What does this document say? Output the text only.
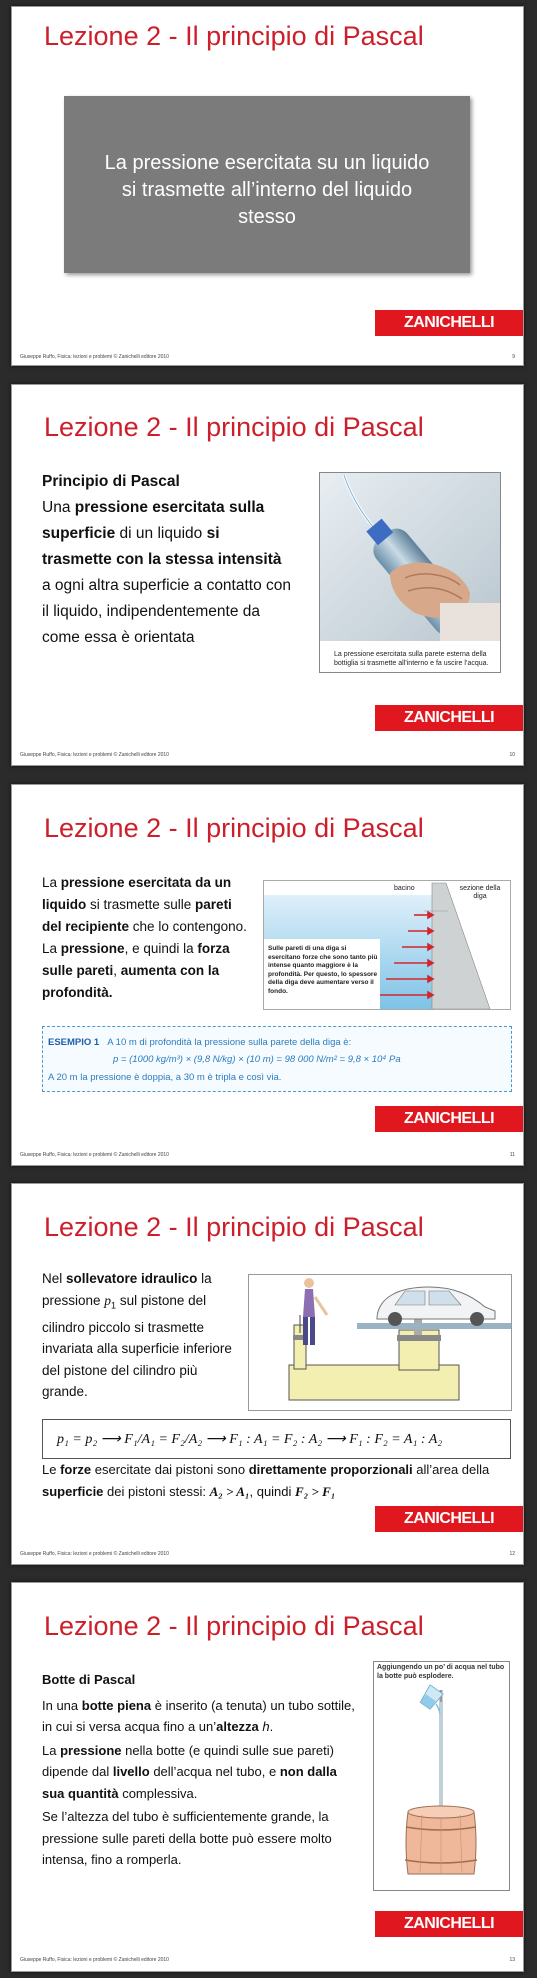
Lezione 2 - Il principio di Pascal
La pressione esercitata su un liquido si trasmette all’interno del liquido stesso
ZANICHELLI
Giuseppe Ruffo, Fisica: lezioni e problemi © Zanichelli editore 2010	9
Lezione 2 - Il principio di Pascal
Principio di Pascal
Una pressione esercitata sulla superficie di un liquido si trasmette con la stessa intensità a ogni altra superficie a contatto con il liquido, indipendentemente da come essa è orientata
La pressione esercitata sulla parete esterna della bottiglia si trasmette all’interno e fa uscire l’acqua.
ZANICHELLI
Giuseppe Ruffo, Fisica: lezioni e problemi © Zanichelli editore 2010	10
Lezione 2 - Il principio di Pascal
La pressione esercitata da un liquido si trasmette sulle pareti del recipiente che lo contengono. La pressione, e quindi la forza sulle pareti, aumenta con la profondità.
bacino	sezione della diga
Sulle pareti di una diga si esercitano forze che sono tanto più intense quanto maggiore è la profondità. Per questo, lo spessore della diga deve aumentare verso il fondo.
ESEMPIO 1 A 10 m di profondità la pressione sulla parete della diga è:
p = (1000 kg/m³) × (9,8 N/kg) × (10 m) = 98 000 N/m² = 9,8 × 10⁴ Pa
A 20 m la pressione è doppia, a 30 m è tripla e così via.
ZANICHELLI
Giuseppe Ruffo, Fisica: lezioni e problemi © Zanichelli editore 2010	11
Lezione 2 - Il principio di Pascal
Nel sollevatore idraulico la pressione $p_1$ sul pistone del cilindro piccolo si trasmette invariata alla superficie inferiore del pistone del cilindro più grande.
p₁ = p₂ ⟶ F₁/A₁ = F₂/A₂ ⟶ F₁ : A₁ = F₂ : A₂ ⟶ F₁ : F₂ = A₁ : A₂
Le forze esercitate dai pistoni sono direttamente proporzionali all’area della superficie dei pistoni stessi: A₂ > A₁, quindi F₂ > F₁
ZANICHELLI
Giuseppe Ruffo, Fisica: lezioni e problemi © Zanichelli editore 2010	12
Lezione 2 - Il principio di Pascal
Botte di Pascal
In una botte piena è inserito (a tenuta) un tubo sottile, in cui si versa acqua fino a un’altezza h.
La pressione nella botte (e quindi sulle sue pareti) dipende dal livello dell’acqua nel tubo, e non dalla sua quantità complessiva.
Se l’altezza del tubo è sufficientemente grande, la pressione sulle pareti della botte può essere molto intensa, fino a romperla.
Aggiungendo un po’ di acqua nel tubo la botte può esplodere.
ZANICHELLI
Giuseppe Ruffo, Fisica: lezioni e problemi © Zanichelli editore 2010	13
